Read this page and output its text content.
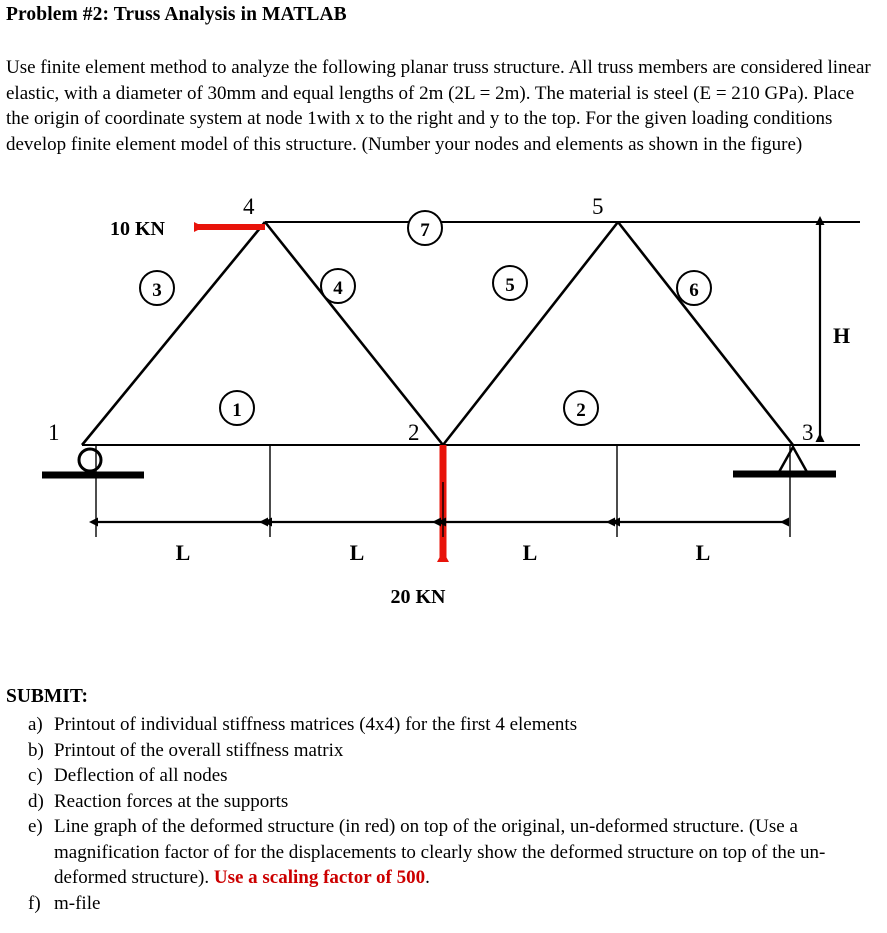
Problem #2: Truss Analysis in MATLAB
Use finite element method to analyze the following planar truss structure. All truss members are considered linear elastic, with a diameter of 30mm and equal lengths of 2m (2L = 2m). The material is steel (E = 210 GPa). Place the origin of coordinate system at node 1with x to the right and y to the top. For the given loading conditions develop finite element model of this structure. (Number your nodes and elements as shown in the figure)
1	2	3
4	5
1	2
3	4	5	6
7
10 KN
20 KN
H
L	L	L	L
SUBMIT:
a) Printout of individual stiffness matrices (4x4) for the first 4 elements
b) Printout of the overall stiffness matrix
c) Deflection of all nodes
d) Reaction forces at the supports
e) Line graph of the deformed structure (in red) on top of the original, un-deformed structure. (Use a magnification factor of for the displacements to clearly show the deformed structure on top of the un-deformed structure). Use a scaling factor of 500.
f) m-file
